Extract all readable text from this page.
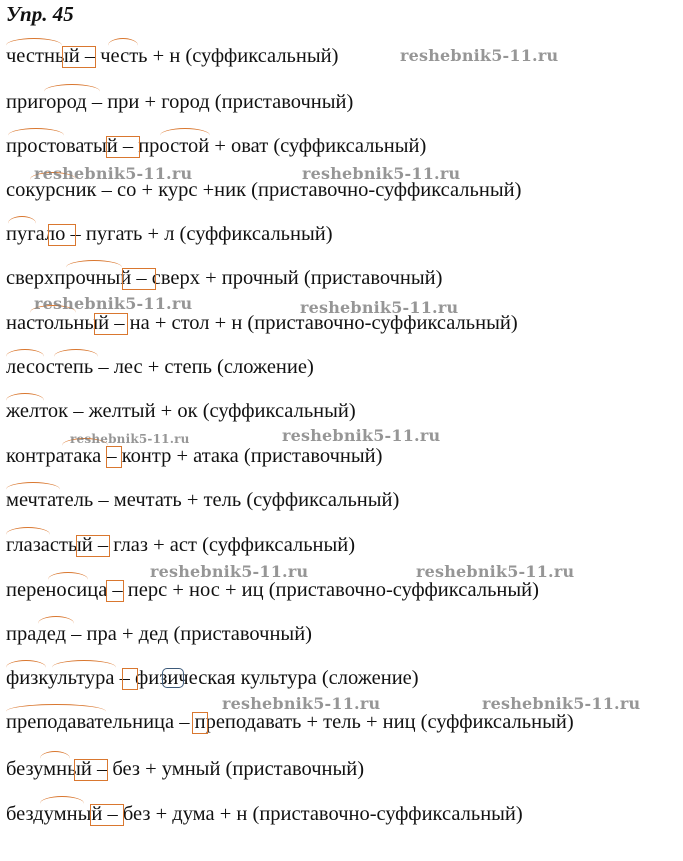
Упр. 45
честный – честь + н (суффиксальный)
пригород – при + город (приставочный)
простоватый – простой + оват (суффиксальный)
сокурсник – со + курс +ник (приставочно-суффиксальный)
пугало – пугать + л (суффиксальный)
сверхпрочный – сверх + прочный (приставочный)
настольный – на + стол + н (приставочно-суффиксальный)
лесостепь – лес + степь (сложение)
желток – желтый + ок (суффиксальный)
контратака – контр + атака (приставочный)
мечтатель – мечтать + тель (суффиксальный)
глазастый – глаз + аст (суффиксальный)
переносица – перс + нос + иц (приставочно-суффиксальный)
прадед – пра + дед (приставочный)
физкультура – физическая культура (сложение)
преподавательница – преподавать + тель + ниц (суффиксальный)
безумный – без + умный (приставочный)
бездумный – без + дума + н (приставочно-суффиксальный)
reshebnik5-11.ru
reshebnik5-11.ru	reshebnik5-11.ru
reshebnik5-11.ru	reshebnik5-11.ru
reshebnik5-11.ru	reshebnik5-11.ru
reshebnik5-11.ru	reshebnik5-11.ru
reshebnik5-11.ru	reshebnik5-11.ru
